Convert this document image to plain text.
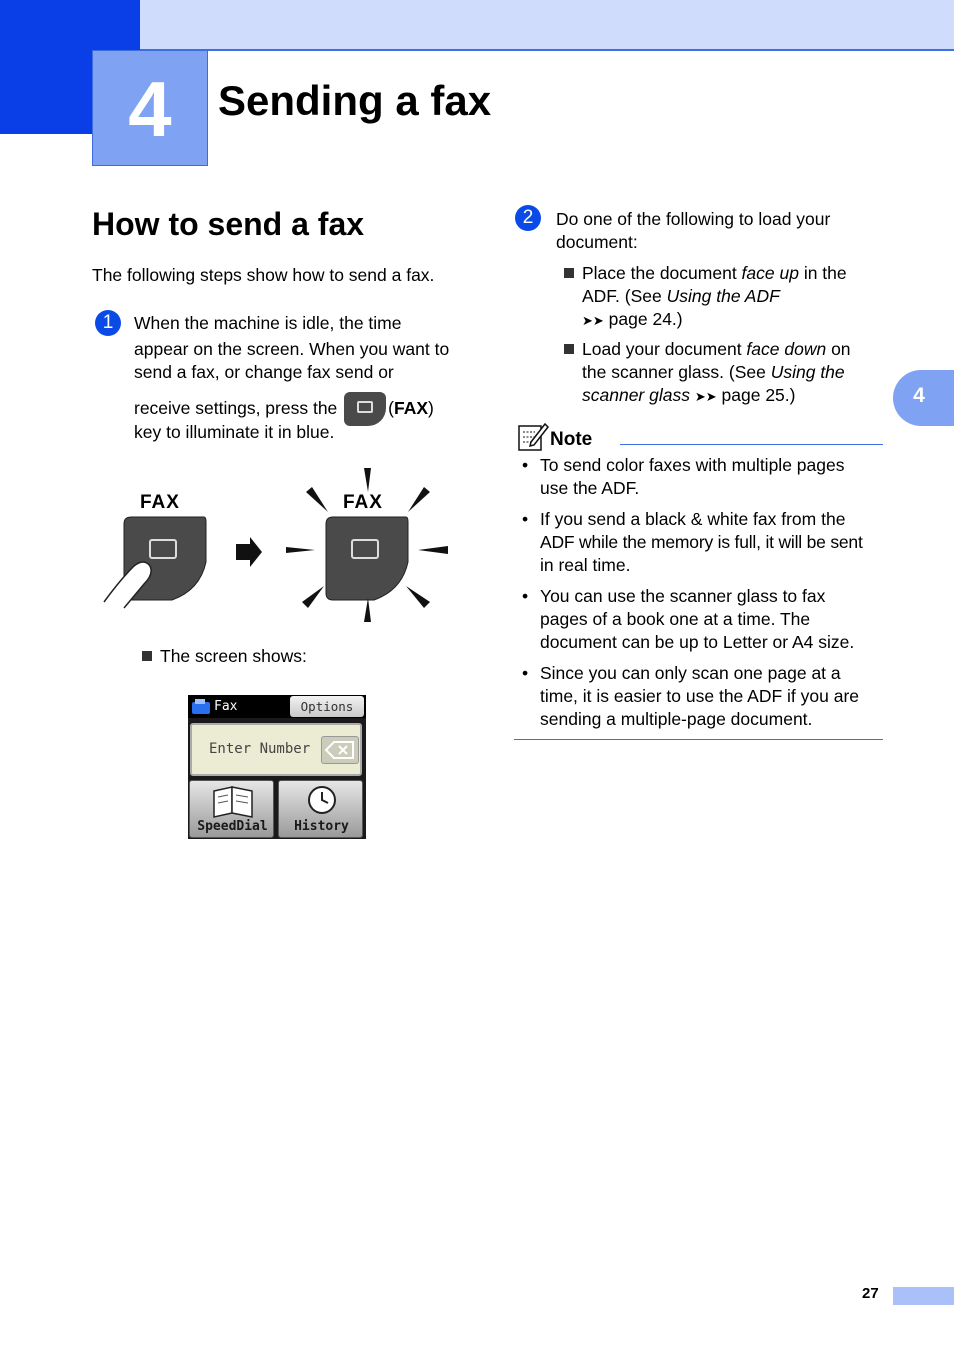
4	Sending a fax
4
How to send a fax
The following steps show how to send a fax.
1	When the machine is idle, the time
appear on the screen. When you want to
send a fax, or change fax send or
receive settings, press the	(FAX)
key to illuminate it in blue.
FAX	FAX
The screen shows:
Fax	Options
Enter Number
SpeedDial	History
2	Do one of the following to load your
document:
Place the document face up in the
ADF. (See Using the ADF
➤➤ page 24.)
Load your document face down on
the scanner glass. (See Using the
scanner glass ➤➤ page 25.)
Note
• To send color faxes with multiple pages
use the ADF.
• If you send a black & white fax from the
ADF while the memory is full, it will be sent
in real time.
• You can use the scanner glass to fax
pages of a book one at a time. The
document can be up to Letter or A4 size.
• Since you can only scan one page at a
time, it is easier to use the ADF if you are
sending a multiple-page document.
27
